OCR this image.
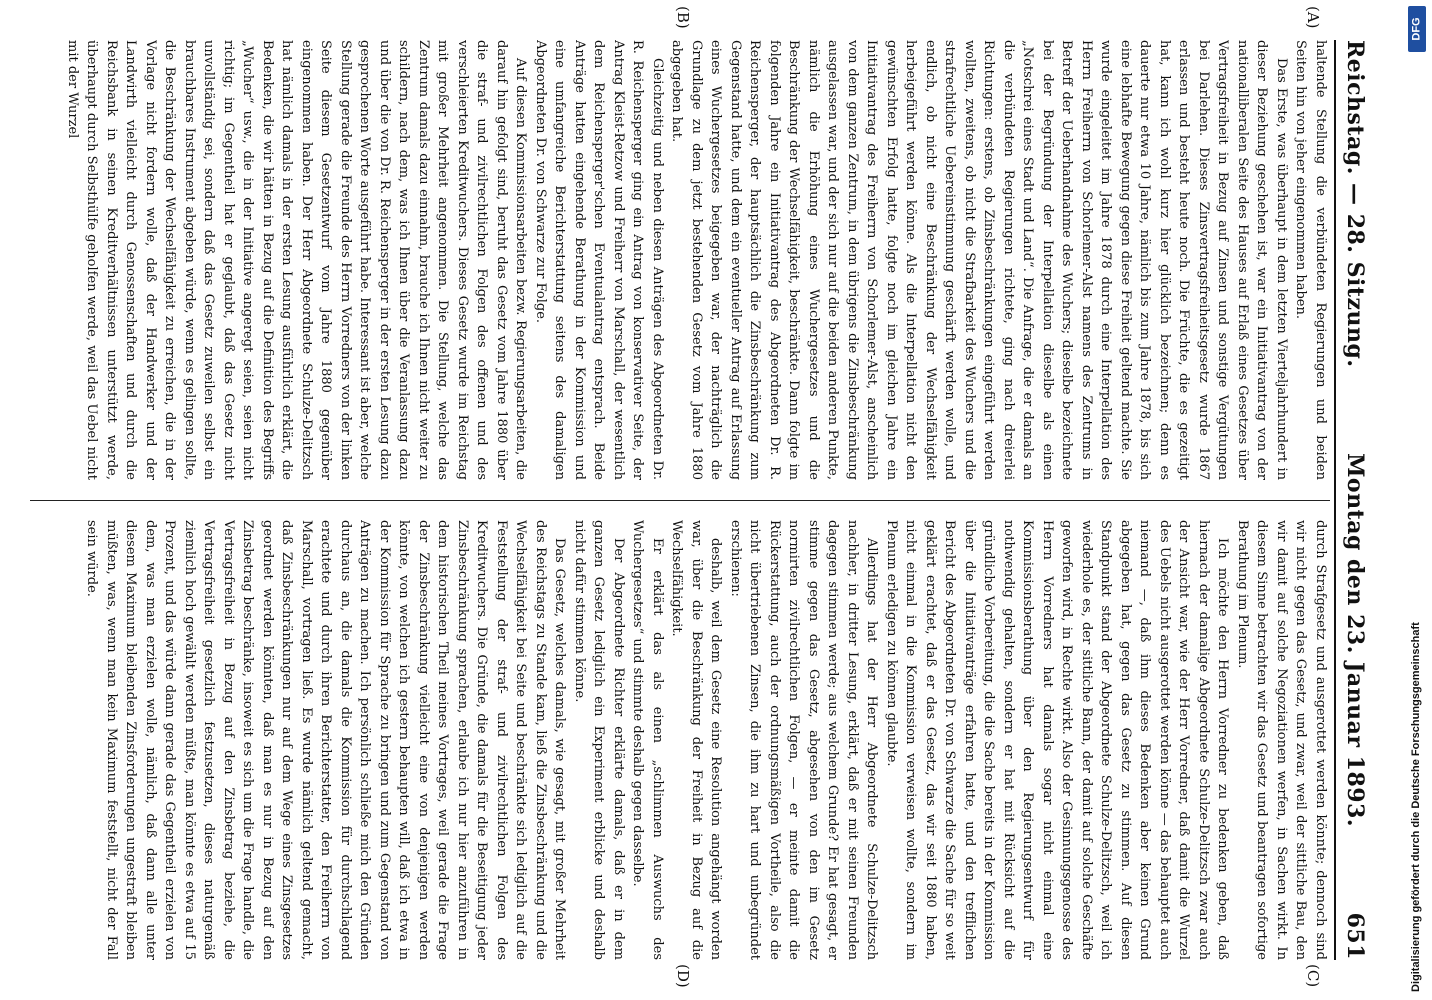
Reichstag. — 28. Sitzung.
Montag den 23. Januar 1893.
651
(A)
(B)
(C)
(D)

haltende Stellung die verbündeten Regierungen und beiden Seiten hin von jeher eingenommen haben.

Das Erste, was überhaupt in dem letzten Vierteljahrhundert in dieser Beziehung geschehen ist, war ein Initiativantrag von der nationalliberalen Seite des Hauses auf Erlaß eines Gesetzes über Vertragsfreiheit in Bezug auf Zinsen und sonstige Vergütungen bei Darlehen. Dieses Zinsvertragsfreiheitsgesetz wurde 1867 erlassen und besteht heute noch. Die Früchte, die es gezeitigt hat, kann ich wohl kurz hier glücklich bezeichnen; denn es dauerte nur etwa 10 Jahre, nämlich bis zum Jahre 1878, bis sich eine lebhafte Bewegung gegen diese Freiheit geltend machte. Sie wurde eingeleitet im Jahre 1878 durch eine Interpellation des Herrn Freiherrn von Schorlemer-Alst namens des Zentrums in Betreff der Ueberhandnahme des Wuchers; dieselbe bezeichnete bei der Begründung der Interpellation dieselbe als einen „Notschrei eines Stadt und Land“. Die Anfrage, die er damals an die verbündeten Regierungen richtete, ging nach dreierlei Richtungen: erstens, ob Zinsbeschränkungen eingeführt werden wollten, zweitens, ob nicht die Strafbarkeit des Wuchers und die strafrechtliche Uebereinstimmung geschärft werden wolle, und endlich, ob nicht eine Beschränkung der Wechselfähigkeit herbeigeführt werden könne. Als die Interpellation nicht den gewünschten Erfolg hatte, folgte noch im gleichen Jahre ein Initiativantrag des Freiherrn von Schorlemer-Alst, anscheinlich von dem ganzen Zentrum, in dem übrigens die Zinsbeschränkung ausgelassen war, und der sich nur auf die beiden anderen Punkte, nämlich die Erhöhung eines Wuchergesetzes und die Beschränkung der Wechselfähigkeit, beschränkte. Dann folgte im folgenden Jahre ein Initiativantrag des Abgeordneten Dr. R. Reichensperger, der hauptsächlich die Zinsbeschränkung zum Gegenstand hatte, und dem ein eventueller Antrag auf Erlassung eines Wuchergesetzes beigegeben war, der nachträglich die Grundlage zu dem jetzt bestehenden Gesetz vom Jahre 1880 abgegeben hat.

Gleichzeitig und neben diesen Anträgen des Abgeordneten Dr. R. Reichensperger ging ein Antrag von konservativer Seite, der Antrag Kleist-Retzow und Freiherr von Marschall, der wesentlich dem Reichensperger'schen Eventualantrag entsprach. Beide Anträge hatten eingehende Berathung in der Kommission und eine umfangreiche Berichterstattung seitens des damaligen Abgeordneten Dr. von Schwarze zur Folge.

Auf diesen Kommissionsarbeiten bezw. Regierungsarbeiten, die darauf hin gefolgt sind, beruht das Gesetz vom Jahre 1880 über die straf- und zivilrechtlichen Folgen des offenen und des verschleierten Kreditwuchers. Dieses Gesetz wurde im Reichstag mit großer Mehrheit angenommen. Die Stellung, welche das Zentrum damals dazu einnahm, brauche ich Ihnen nicht weiter zu schildern, nach dem, was ich Ihnen über die Veranlassung dazu und über die von Dr. R. Reichensperger in der ersten Lesung dazu gesprochenen Worte ausgeführt habe. Interessant ist aber, welche Stellung gerade die Freunde des Herrn Vorredners von der linken Seite diesem Gesetzentwurf vom Jahre 1880 gegenüber eingenommen haben. Der Herr Abgeordnete Schulze-Delitzsch hat nämlich damals in der ersten Lesung ausführlich erklärt, die Bedenken, die wir hätten in Bezug auf die Definition des Begriffs „Wucher“ usw., die in der Initiative angeregt seien, seien nicht richtig; im Gegentheil hat er geglaubt, daß das Gesetz nicht unvollständig sei, sondern daß das Gesetz zuweilen selbst ein brauchbares Instrument abgeben würde, wenn es gelingen sollte, die Beschränkung der Wechselfähigkeit zu erreichen, die in der Vorlage nicht fordern wolle, daß der Handwerker und der Landwirth vielleicht durch Genossenschaften und durch die Reichsbank in seinen Kreditverhältnissen unterstützt werde, überhaupt durch Selbsthülfe geholfen werde, weil das Uebel nicht mit der Wurzel

durch Strafgesetz und ausgerottet werden könnte; dennoch sind wir nicht gegen das Gesetz, und zwar, weil der sittliche Bau, den wir damit auf solche Negoziationen werfen, in Sachen wirkt. In diesem Sinne betrachten wir das Gesetz und beantragen sofortige Berathung im Plenum.

Ich möchte den Herrn Vorredner zu bedenken geben, daß hiernach der damalige Abgeordnete Schulze-Delitzsch zwar auch der Ansicht war, wie der Herr Vorredner, daß damit die Wurzel des Uebels nicht ausgerottet werden könne — das behauptet auch niemand —, daß ihm dieses Bedenken aber keinen Grund abgegeben hat, gegen das Gesetz zu stimmen. Auf diesen Standpunkt stand der Abgeordnete Schulze-Delitzsch, weil ich wiederhole es, der sittliche Bann, der damit auf solche Geschäfte geworfen wird, in Rechte wirkt. Also der Gesinnungsgenosse des Herrn Vorredners hat damals sogar nicht einmal eine Kommissionsberathung über den Regierungsentwurf für nothwendig gehalten, sondern er hat mit Rücksicht auf die gründliche Vorbereitung, die die Sache bereits in der Kommission über die Initiativanträge erfahren hatte, und den trefflichen Bericht des Abgeordneten Dr. von Schwarze die Sache für so weit geklärt erachtet, daß er das Gesetz, das wir seit 1880 haben, nicht einmal in die Kommission verweisen wollte, sondern im Plenum erledigen zu können glaubte.

Allerdings hat der Herr Abgeordnete Schulze-Delitzsch nachher, in dritter Lesung, erklärt, daß er mit seinen Freunden dagegen stimmen werde; aus welchem Grunde? Er hat gesagt, er stimme gegen das Gesetz, abgesehen von den im Gesetz normirten zivilrechtlichen Folgen, — er meinte damit die Rückerstattung, auch der ordnungsmäßigen Vortheile, also die nicht übertriebenen Zinsen, die ihm zu hart und unbegründet erschienen:

deshalb, weil dem Gesetz eine Resolution angehängt worden war, über die Beschränkung der Freiheit in Bezug auf die Wechselfähigkeit.

Er erklärt das als einen „schlimmen Auswuchs des Wuchergesetzes“ und stimmte deshalb gegen dasselbe.

Der Abgeordnete Richter erklärte damals, daß er in dem ganzen Gesetz lediglich ein Experiment erblicke und deshalb nicht dafür stimmen könne.

Das Gesetz, welches damals, wie gesagt, mit großer Mehrheit des Reichstags zu Stande kam, ließ die Zinsbeschränkung und die Wechselfähigkeit bei Seite und beschränkte sich lediglich auf die Feststellung der straf- und zivilrechtlichen Folgen des Kreditwuchers. Die Gründe, die damals für die Beseitigung jeder Zinsbeschränkung sprachen, erlaube ich nur hier anzuführen in dem historischen Theil meines Vortrages, weil gerade die Frage der Zinsbeschränkung vielleicht eine von denjenigen werden könnte, von welchen ich gestern behaupten will, daß ich etwa in der Kommission für Sprache zu bringen und zum Gegenstand von Anträgen zu machen. Ich persönlich schließe mich den Gründen durchaus an, die damals die Kommission für durchschlagend erachtete und durch ihren Berichterstatter, den Freiherrn von Marschall, vortragen ließ. Es wurde nämlich geltend gemacht, daß Zinsbeschränkungen nur auf dem Wege eines Zinsgesetzes geordnet werden könnten, daß man es nur in Bezug auf den Zinsbetrag beschränke, insoweit es sich um die Frage handle, die Vertragsfreiheit in Bezug auf den Zinsbetrag beziehe, die Vertragsfreiheit gesetzlich festzusetzen, dieses naturgemäß ziemlich hoch gewählt werden müßte, man könnte es etwa auf 15 Prozent, und das würde dann gerade das Gegentheil erzielen von dem, was man erzielen wolle, nämlich, daß dann alle unter diesem Maximum bleibenden Zinsforderungen ungestraft bleiben müßten, was, wenn man kein Maximum feststellt, nicht der Fall sein würde.

DFG
Digitalisierung gefördert durch die Deutsche Forschungsgemeinschaft
